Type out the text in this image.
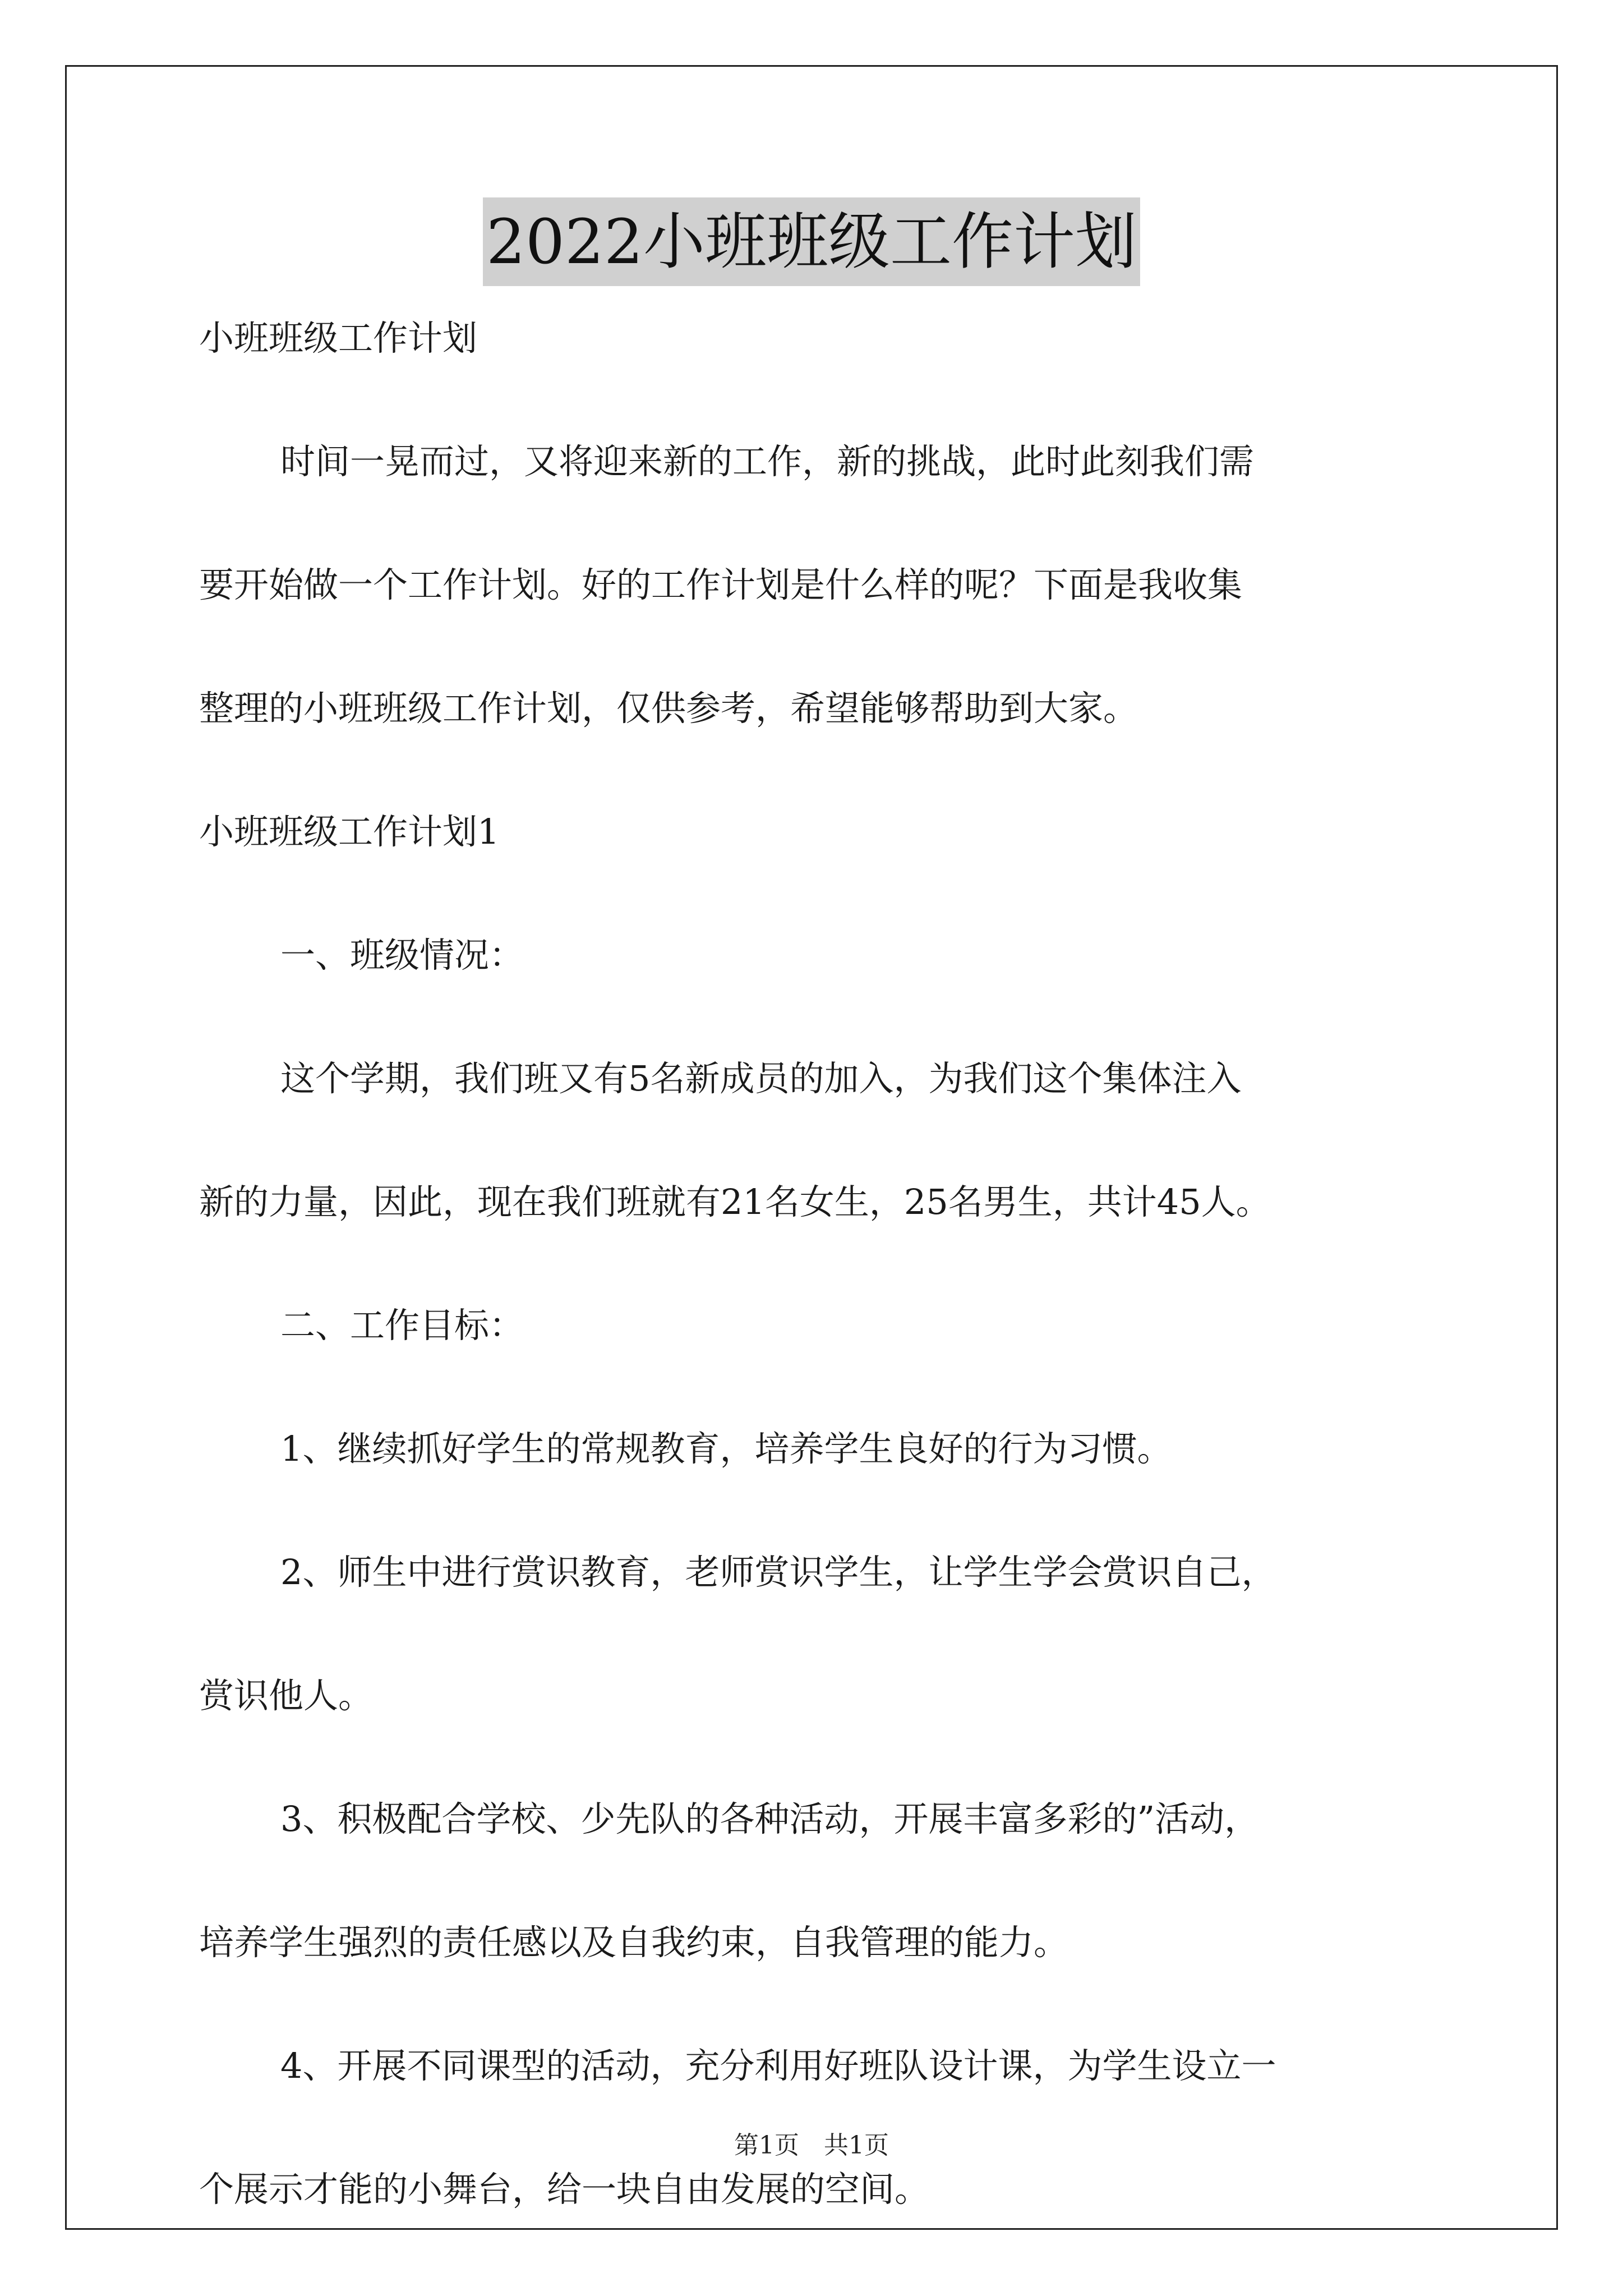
2022小班班级工作计划

小班班级工作计划

时间一晃而过，又将迎来新的工作，新的挑战，此时此刻我们需

要开始做一个工作计划。好的工作计划是什么样的呢？下面是我收集

整理的小班班级工作计划，仅供参考，希望能够帮助到大家。

小班班级工作计划1

一、班级情况：

这个学期，我们班又有5名新成员的加入，为我们这个集体注入

新的力量，因此，现在我们班就有21名女生，25名男生，共计45人。

二、工作目标：

1、继续抓好学生的常规教育，培养学生良好的行为习惯。

2、师生中进行赏识教育，老师赏识学生，让学生学会赏识自己，

赏识他人。

3、积极配合学校、少先队的各种活动，开展丰富多彩的”活动，

培养学生强烈的责任感以及自我约束，自我管理的能力。

4、开展不同课型的活动，充分利用好班队设计课，为学生设立一

个展示才能的小舞台，给一块自由发展的空间。

第1页　共1页
